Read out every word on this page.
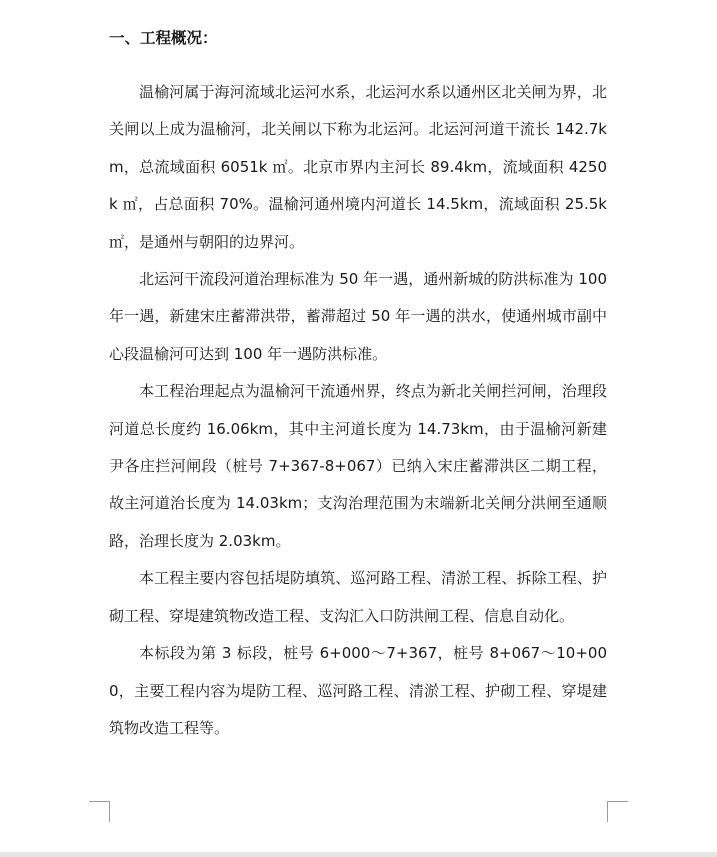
一、工程概况：

温榆河属于海河流域北运河水系，北运河水系以通州区北关闸为界，北关闸以上成为温榆河，北关闸以下称为北运河。北运河河道干流长 142.7km，总流域面积 6051k ㎡。北京市界内主河长 89.4km，流域面积 4250k ㎡，占总面积 70%。温榆河通州境内河道长 14.5km，流域面积 25.5k ㎡，是通州与朝阳的边界河。

北运河干流段河道治理标准为 50 年一遇，通州新城的防洪标准为 100 年一遇，新建宋庄蓄滞洪带，蓄滞超过 50 年一遇的洪水，使通州城市副中心段温榆河可达到 100 年一遇防洪标准。

本工程治理起点为温榆河干流通州界，终点为新北关闸拦河闸，治理段河道总长度约 16.06km，其中主河道长度为 14.73km，由于温榆河新建尹各庄拦河闸段（桩号 7+367-8+067）已纳入宋庄蓄滞洪区二期工程，故主河道治长度为 14.03km；支沟治理范围为末端新北关闸分洪闸至通顺路，治理长度为 2.03km。

本工程主要内容包括堤防填筑、巡河路工程、清淤工程、拆除工程、护砌工程、穿堤建筑物改造工程、支沟汇入口防洪闸工程、信息自动化。

本标段为第 3 标段，桩号 6+000～7+367，桩号 8+067～10+000，主要工程内容为堤防工程、巡河路工程、清淤工程、护砌工程、穿堤建筑物改造工程等。
